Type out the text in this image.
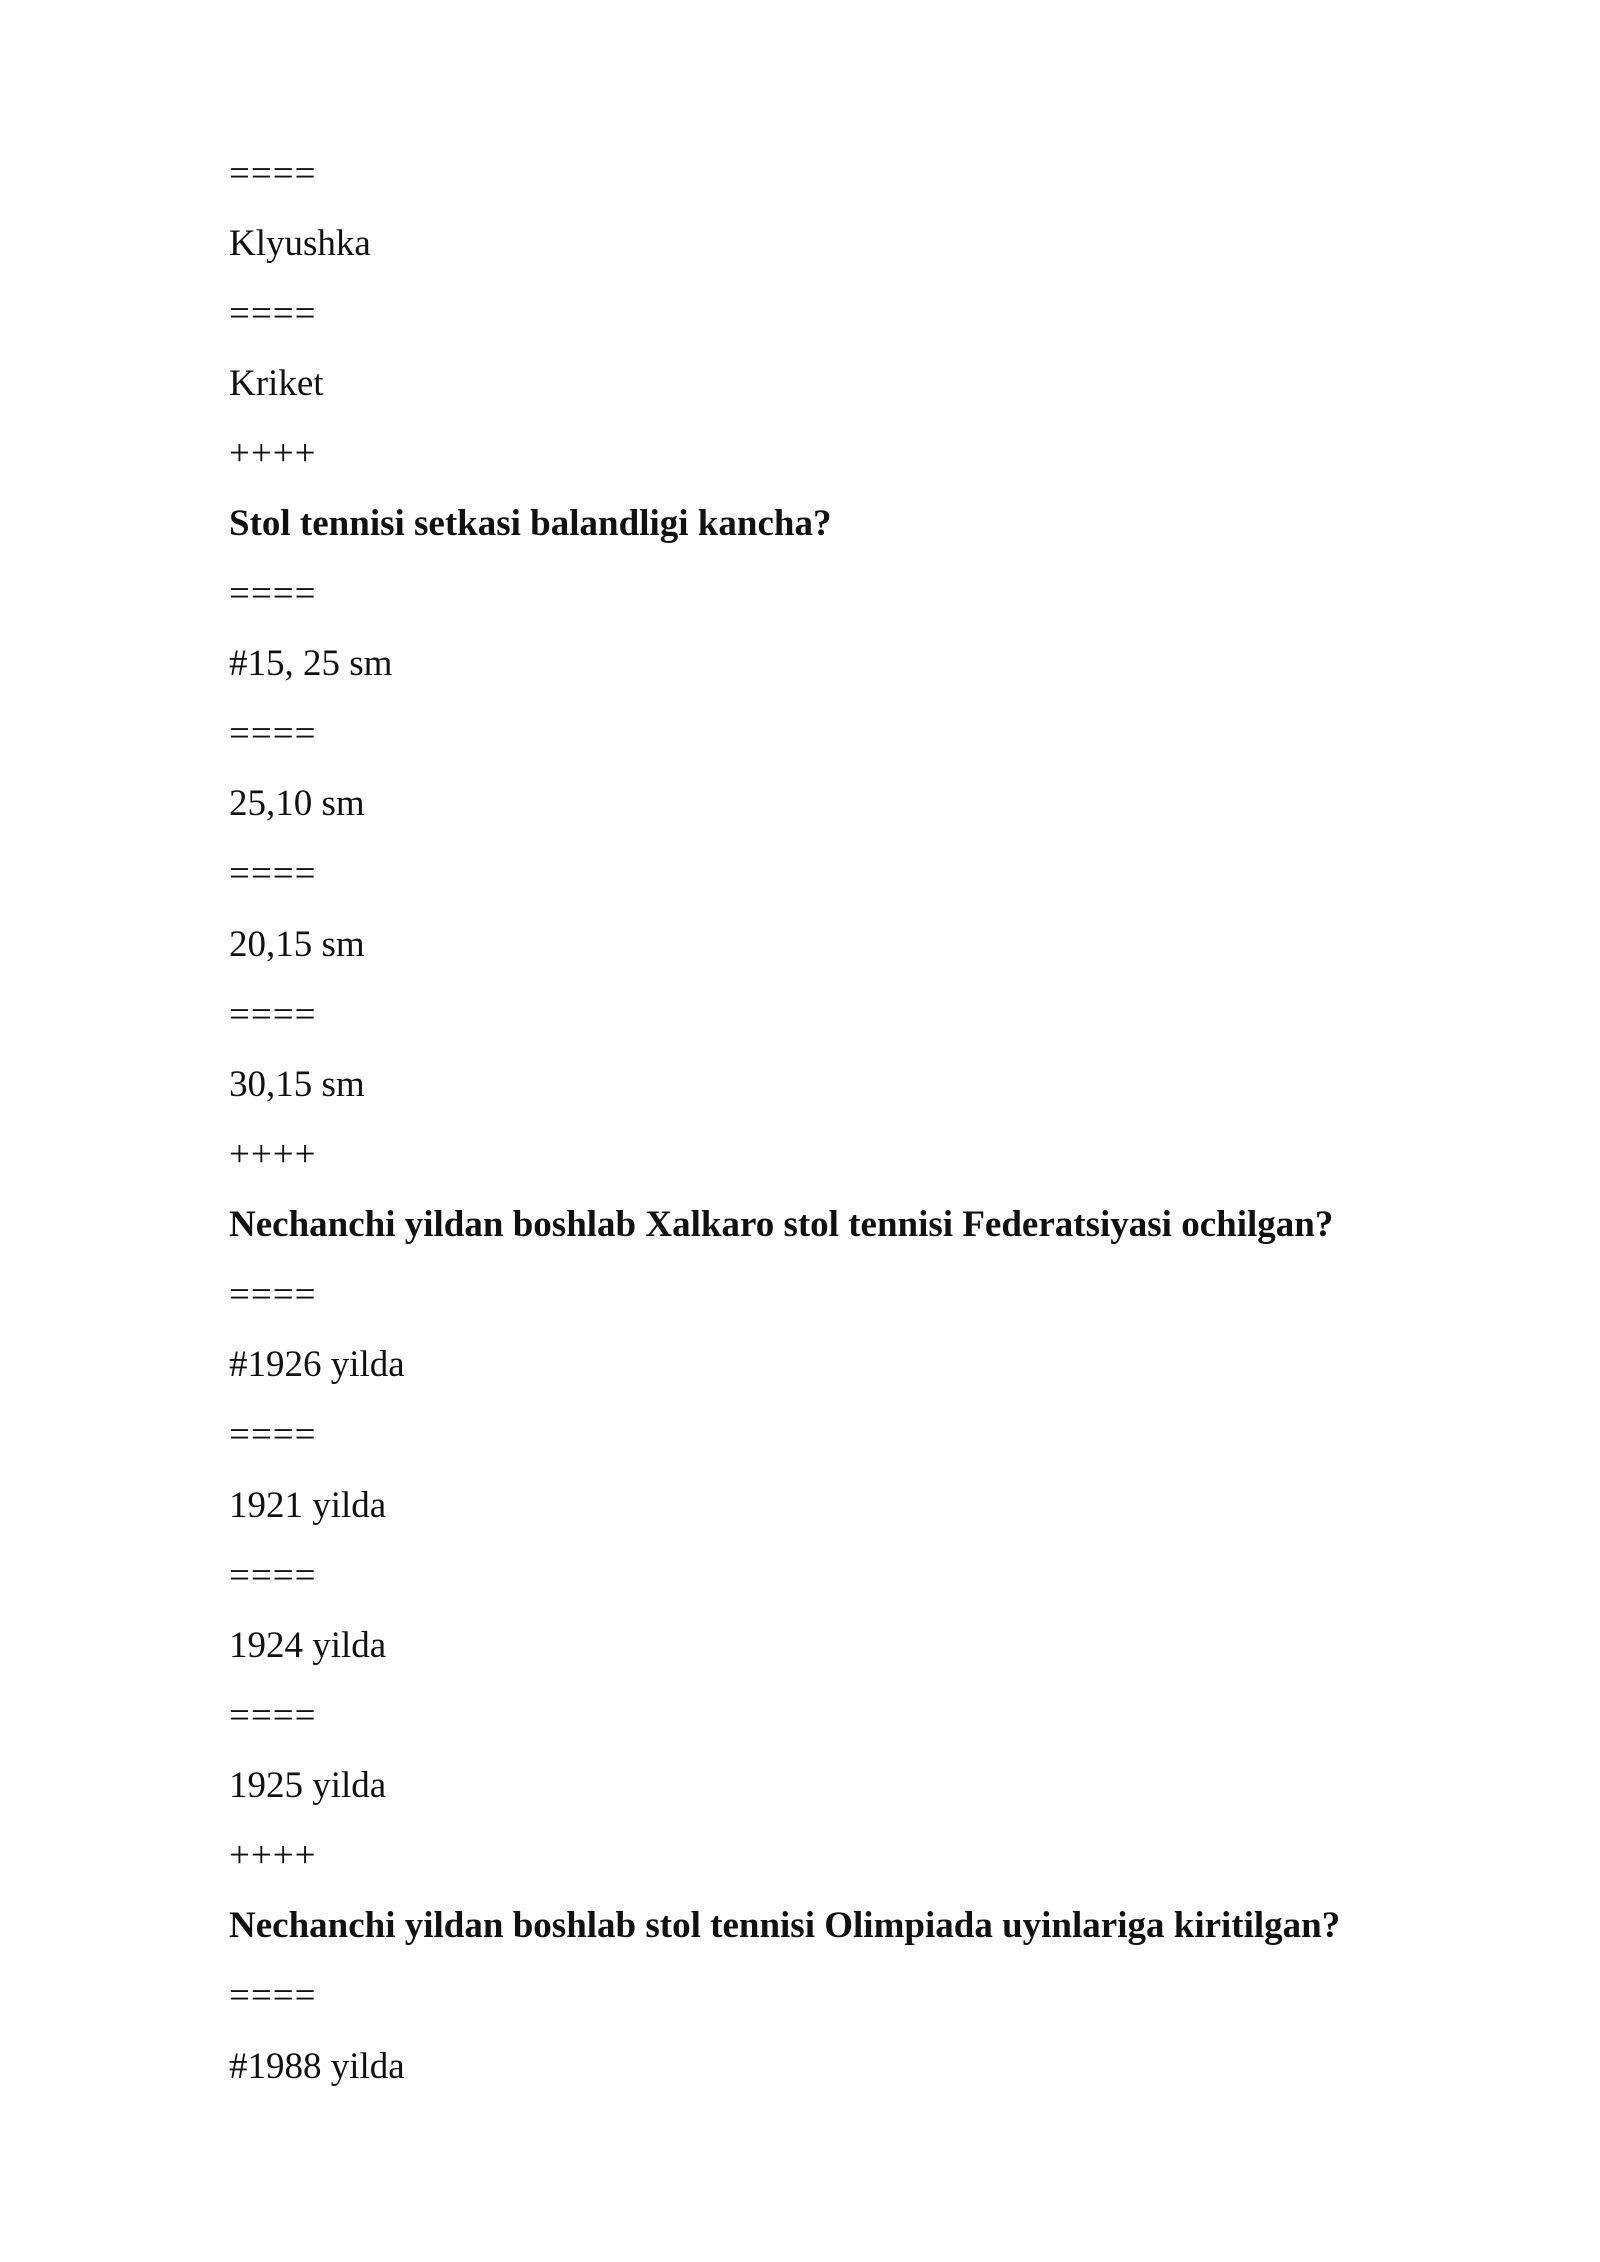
====
Klyushka
====
Kriket
++++
Stol tennisi setkasi balandligi kancha?
====
#15, 25 sm
====
25,10 sm
====
20,15 sm
====
30,15 sm
++++
Nechanchi yildan boshlab Xalkaro stol tennisi Federatsiyasi ochilgan?
====
#1926 yilda
====
1921 yilda
====
1924 yilda
====
1925 yilda
++++
Nechanchi yildan boshlab stol tennisi Olimpiada uyinlariga kiritilgan?
====
#1988 yilda
